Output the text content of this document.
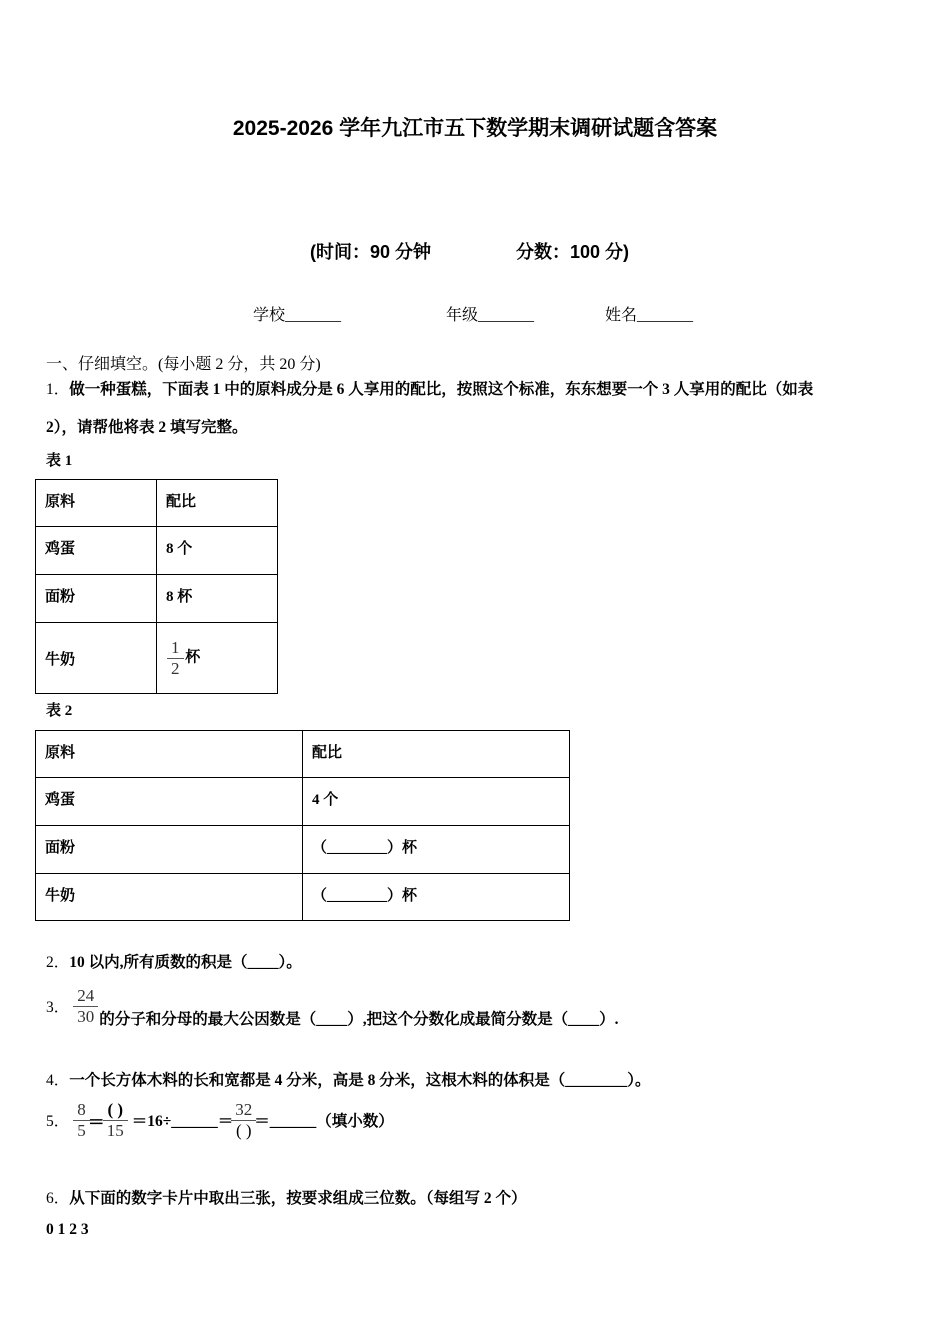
2025-2026 学年九江市五下数学期末调研试题含答案
(时间：90 分钟	分数：100 分)
学校_______	年级_______	姓名_______
一、仔细填空。(每小题 2 分，共 20 分)
1．做一种蛋糕，下面表 1 中的原料成分是 6 人享用的配比，按照这个标准，东东想要一个 3 人享用的配比（如表
2），请帮他将表 2 填写完整。
表 1
原料	配比

鸡蛋	8 个

面粉	8 杯

牛奶	$\frac{1}{2}$ 杯
表 2
原料	配比

鸡蛋	4 个

面粉	（________）杯

牛奶	（________）杯
2．10 以内,所有质数的积是（____）。
3． $\frac{24}{30}$ 的分子和分母的最大公因数是（____）,把这个分数化成最简分数是（____）.
4．一个长方体木料的长和宽都是 4 分米，高是 8 分米，这根木料的体积是（________）。
5． $\frac{8}{5} = \frac{( )}{15}$ ＝16÷______＝ $\frac{32}{( )}$ ＝______（填小数）
6．从下面的数字卡片中取出三张，按要求组成三位数。（每组写 2 个）
0 1 2 3
